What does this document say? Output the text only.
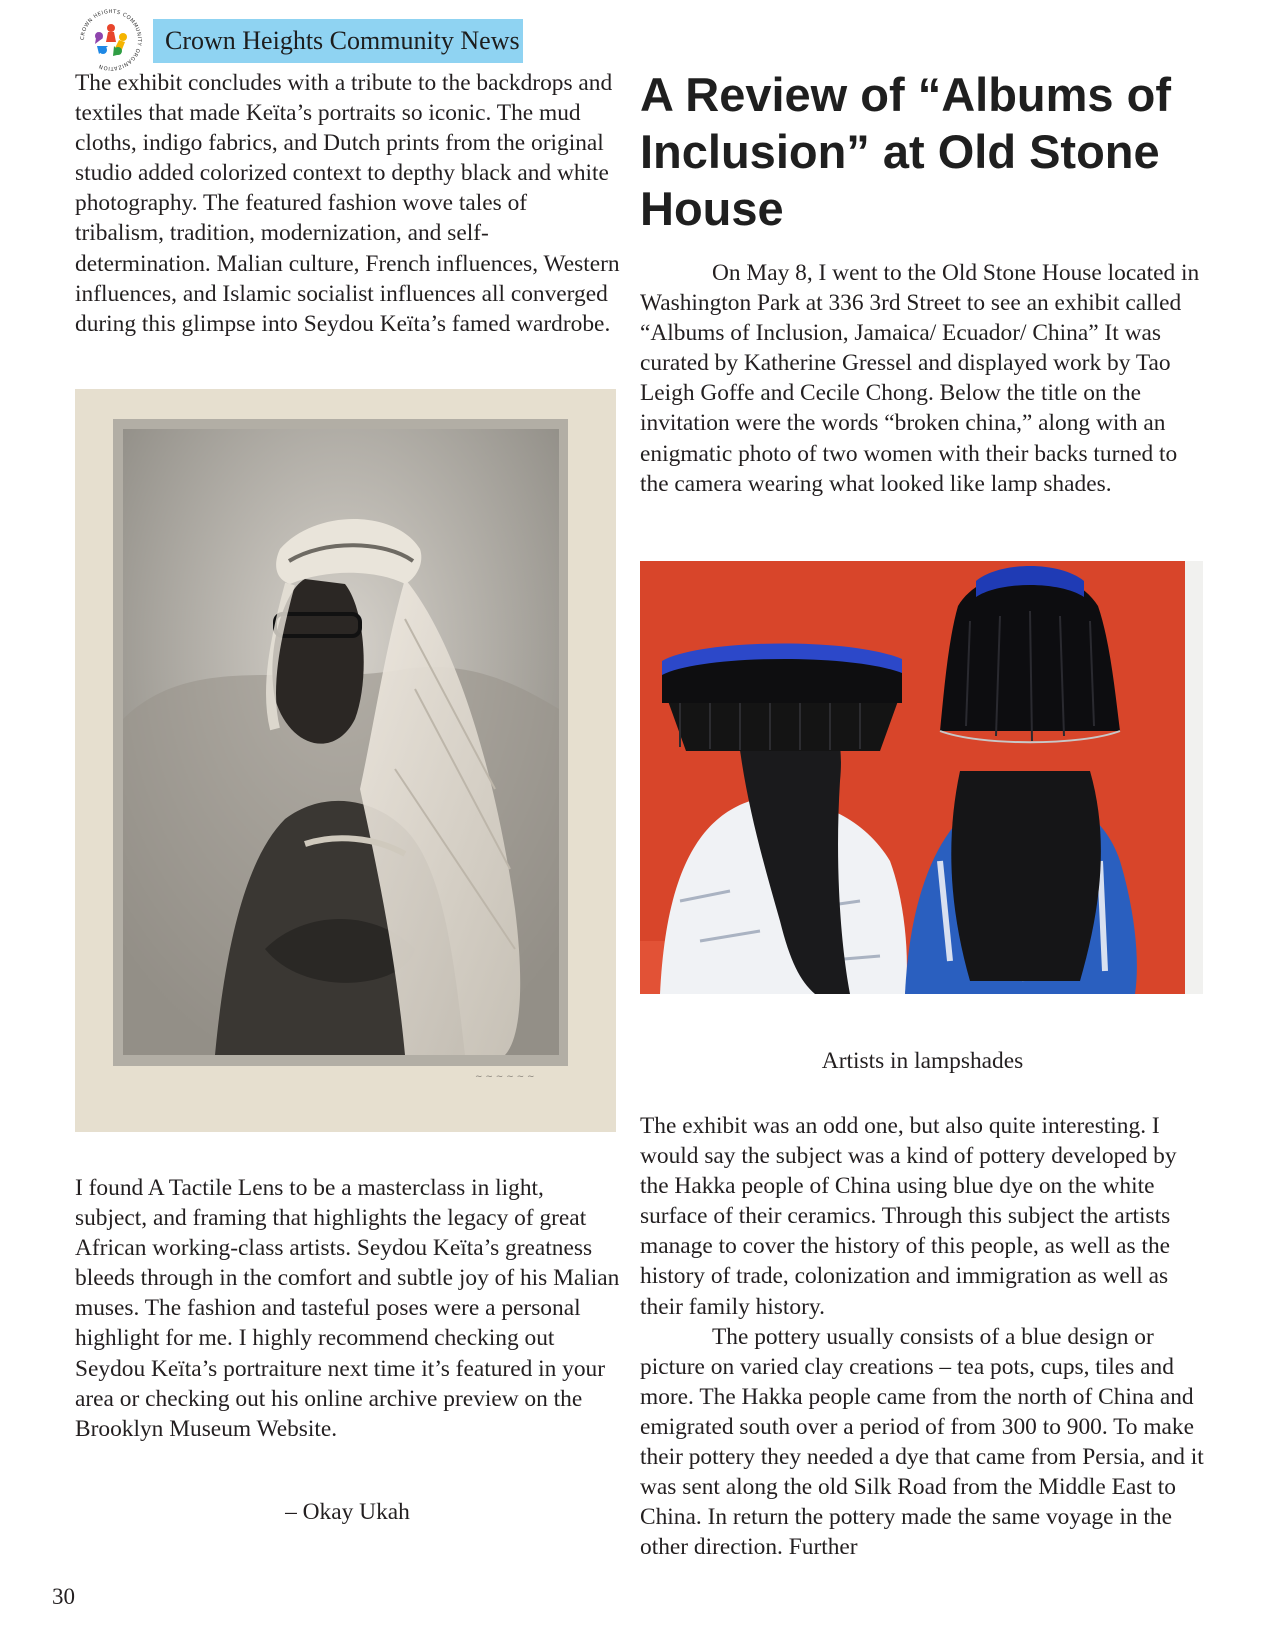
CROWN HEIGHTS COMMUNITY ORGANIZATION
Crown Heights Community News

The exhibit concludes with a tribute to the backdrops and textiles that made Keïta’s portraits so iconic. The mud cloths, indigo fabrics, and Dutch prints from the original studio added colorized context to depthy black and white photography. The featured fashion wove tales of tribalism, tradition, modernization, and self-determination. Malian culture, French influences, Western influences, and Islamic socialist influences all converged during this glimpse into Seydou Keïta’s famed wardrobe.

~ ~ ~ ~ ~ ~

I found A Tactile Lens to be a masterclass in light, subject, and framing that highlights the legacy of great African working-class artists. Seydou Keïta’s greatness bleeds through in the comfort and subtle joy of his Malian muses. The fashion and tasteful poses were a personal highlight for me. I highly recommend checking out Seydou Keïta’s portraiture next time it’s featured in your area or checking out his online archive preview on the Brooklyn Museum Website.

– Okay Ukah
A Review of “Albums of Inclusion” at Old Stone House

On May 8, I went to the Old Stone House located in Washington Park at 336 3rd Street to see an exhibit called “Albums of Inclusion, Jamaica/ Ecuador/ China” It was curated by Katherine Gressel and displayed work by Tao Leigh Goffe and Cecile Chong. Below the title on the invitation were the words “broken china,” along with an enigmatic photo of two women with their backs turned to the camera wearing what looked like lamp shades.

Artists in lampshades

The exhibit was an odd one, but also quite interesting. I would say the subject was a kind of pottery developed by the Hakka people of China using blue dye on the white surface of their ceramics. Through this subject the artists manage to cover the history of this people, as well as the history of trade, colonization and immigration as well as their family history.

The pottery usually consists of a blue design or picture on varied clay creations – tea pots, cups, tiles and more. The Hakka people came from the north of China and emigrated south over a period of from 300 to 900. To make their pottery they needed a dye that came from Persia, and it was sent along the old Silk Road from the Middle East to China. In return the pottery made the same voyage in the other direction. Further

30
